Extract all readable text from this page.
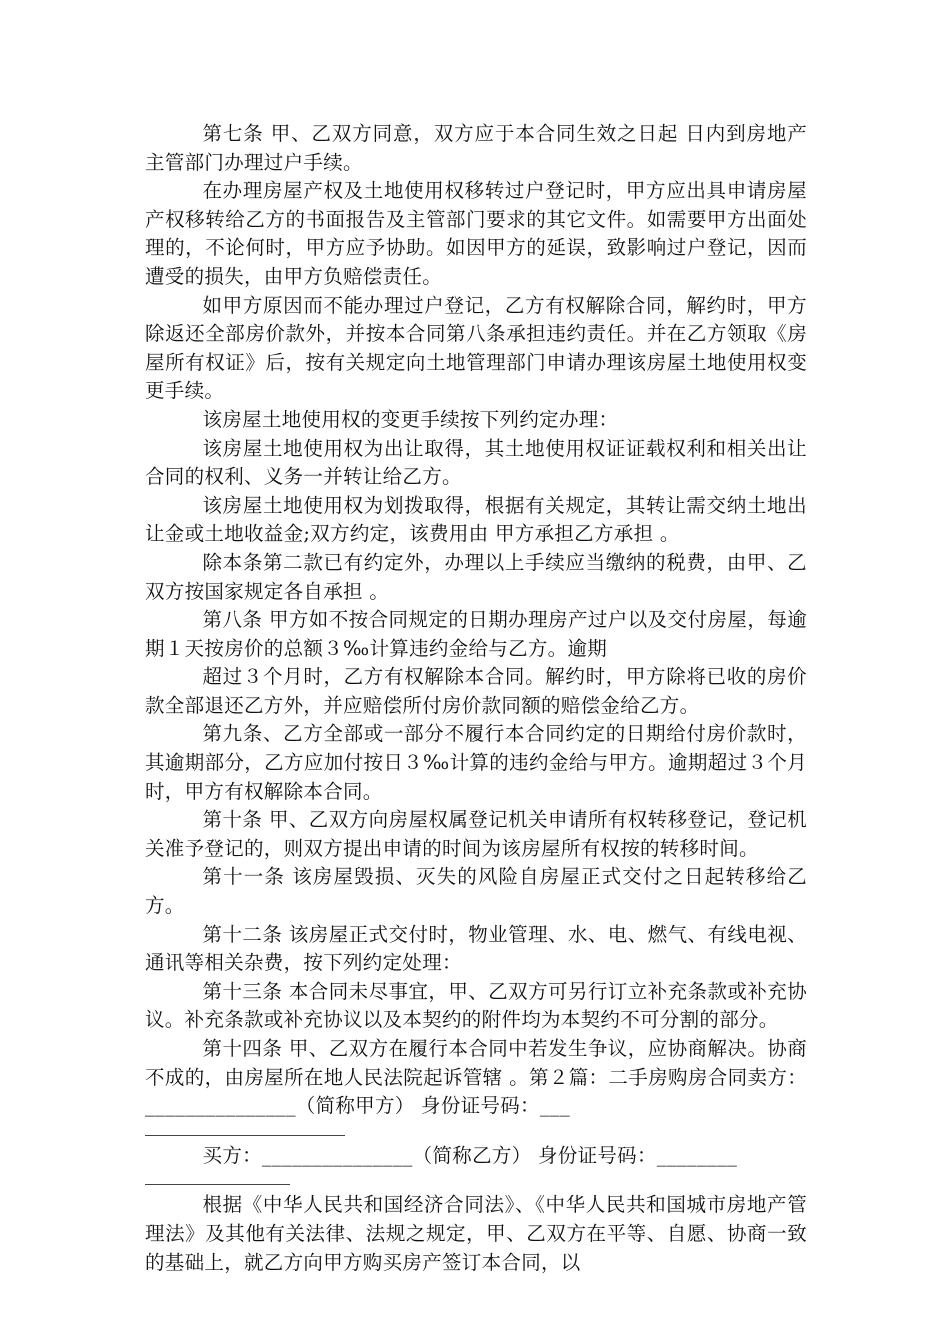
第七条 甲、乙双方同意，双方应于本合同生效之日起 日内到房地产主管部门办理过户手续。

在办理房屋产权及土地使用权移转过户登记时，甲方应出具申请房屋产权移转给乙方的书面报告及主管部门要求的其它文件。如需要甲方出面处理的，不论何时，甲方应予协助。如因甲方的延误，致影响过户登记，因而遭受的损失，由甲方负赔偿责任。

如甲方原因而不能办理过户登记，乙方有权解除合同，解约时，甲方除返还全部房价款外，并按本合同第八条承担违约责任。并在乙方领取《房屋所有权证》后，按有关规定向土地管理部门申请办理该房屋土地使用权变更手续。

该房屋土地使用权的变更手续按下列约定办理：

该房屋土地使用权为出让取得，其土地使用权证证载权利和相关出让合同的权利、义务一并转让给乙方。

该房屋土地使用权为划拨取得，根据有关规定，其转让需交纳土地出让金或土地收益金;双方约定，该费用由 甲方承担乙方承担 。

除本条第二款已有约定外，办理以上手续应当缴纳的税费，由甲、乙双方按国家规定各自承担 。

第八条 甲方如不按合同规定的日期办理房产过户以及交付房屋，每逾期１天按房价的总额３‰计算违约金给与乙方。逾期

超过３个月时，乙方有权解除本合同。解约时，甲方除将已收的房价款全部退还乙方外，并应赔偿所付房价款同额的赔偿金给乙方。

第九条、乙方全部或一部分不履行本合同约定的日期给付房价款时，其逾期部分，乙方应加付按日３‰计算的违约金给与甲方。逾期超过３个月时，甲方有权解除本合同。

第十条 甲、乙双方向房屋权属登记机关申请所有权转移登记，登记机关准予登记的，则双方提出申请的时间为该房屋所有权按的转移时间。

第十一条 该房屋毁损、灭失的风险自房屋正式交付之日起转移给乙方。

第十二条 该房屋正式交付时，物业管理、水、电、燃气、有线电视、通讯等相关杂费，按下列约定处理：

第十三条 本合同未尽事宜，甲、乙双方可另行订立补充条款或补充协议。补充条款或补充协议以及本契约的附件均为本契约不可分割的部分。

第十四条 甲、乙双方在履行本合同中若发生争议，应协商解决。协商不成的，由房屋所在地人民法院起诉管辖 。第２篇：二手房购房合同卖方：_______________（简称甲方） 身份证号码：___

买方：_______________（简称乙方） 身份证号码：________

根据《中华人民共和国经济合同法》、《中华人民共和国城市房地产管理法》及其他有关法律、法规之规定，甲、乙双方在平等、自愿、协商一致的基础上，就乙方向甲方购买房产签订本合同，以
